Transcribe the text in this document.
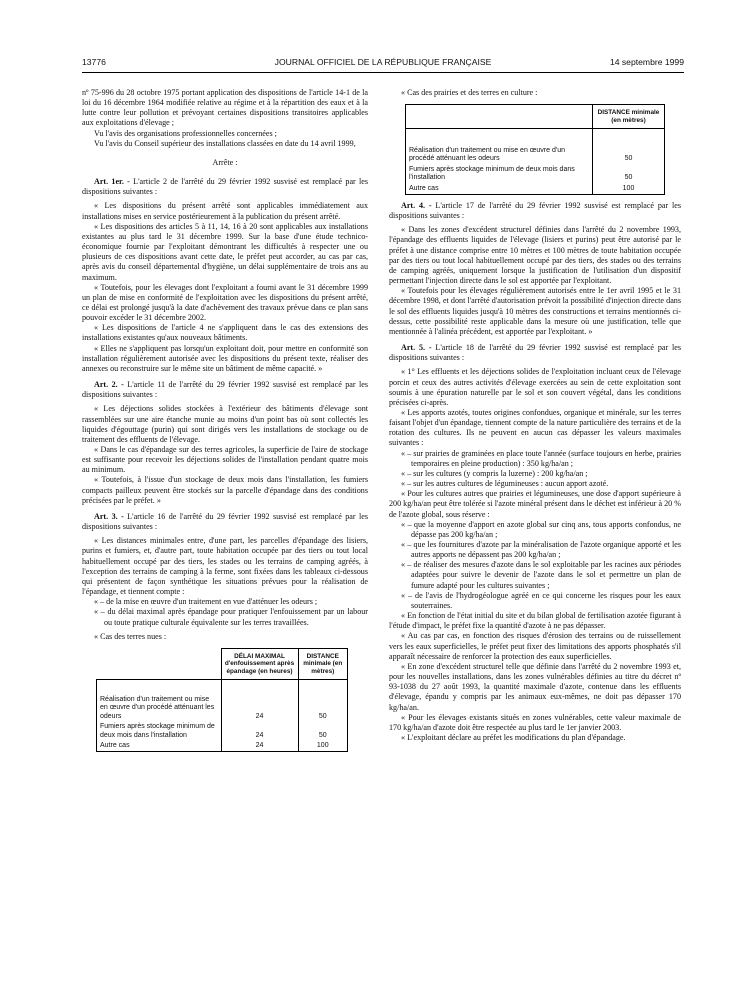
13776	JOURNAL OFFICIEL DE LA RÉPUBLIQUE FRANÇAISE	14 septembre 1999

nº 75-996 du 28 octobre 1975 portant application des dispositions de l'article 14-1 de la loi du 16 décembre 1964 modifiée relative au régime et à la répartition des eaux et à la lutte contre leur pollution et prévoyant certaines dispositions transitoires applicables aux exploitations d'élevage ;

Vu l'avis des organisations professionnelles concernées ;

Vu l'avis du Conseil supérieur des installations classées en date du 14 avril 1999,

Arrête :

Art. 1er. - L'article 2 de l'arrêté du 29 février 1992 susvisé est remplacé par les dispositions suivantes :

« Les dispositions du présent arrêté sont applicables immédiatement aux installations mises en service postérieurement à la publication du présent arrêté.

« Les dispositions des articles 5 à 11, 14, 16 à 20 sont applicables aux installations existantes au plus tard le 31 décembre 1999. Sur la base d'une étude technico-économique fournie par l'exploitant démontrant les difficultés à respecter une ou plusieurs de ces dispositions avant cette date, le préfet peut accorder, au cas par cas, après avis du conseil départemental d'hygiène, un délai supplémentaire de trois ans au maximum.

« Toutefois, pour les élevages dont l'exploitant a fourni avant le 31 décembre 1999 un plan de mise en conformité de l'exploitation avec les dispositions du présent arrêté, ce délai est prolongé jusqu'à la date d'achèvement des travaux prévue dans ce plan sans pouvoir excéder le 31 décembre 2002.

« Les dispositions de l'article 4 ne s'appliquent dans le cas des extensions des installations existantes qu'aux nouveaux bâtiments.

« Elles ne s'appliquent pas lorsqu'un exploitant doit, pour mettre en conformité son installation régulièrement autorisée avec les dispositions du présent texte, réaliser des annexes ou reconstruire sur le même site un bâtiment de même capacité. »

Art. 2. - L'article 11 de l'arrêté du 29 février 1992 susvisé est remplacé par les dispositions suivantes :

« Les déjections solides stockées à l'extérieur des bâtiments d'élevage sont rassemblées sur une aire étanche munie au moins d'un point bas où sont collectés les liquides d'égouttage (purin) qui sont dirigés vers les installations de stockage ou de traitement des effluents de l'élevage.

« Dans le cas d'épandage sur des terres agricoles, la superficie de l'aire de stockage est suffisante pour recevoir les déjections solides de l'installation pendant quatre mois au minimum.

« Toutefois, à l'issue d'un stockage de deux mois dans l'installation, les fumiers compacts pailleux peuvent être stockés sur la parcelle d'épandage dans des conditions précisées par le préfet. »

Art. 3. - L'article 16 de l'arrêté du 29 février 1992 susvisé est remplacé par les dispositions suivantes :

« Les distances minimales entre, d'une part, les parcelles d'épandage des lisiers, purins et fumiers, et, d'autre part, toute habitation occupée par des tiers ou tout local habituellement occupé par des tiers, les stades ou les terrains de camping agréés, à l'exception des terrains de camping à la ferme, sont fixées dans les tableaux ci-dessous qui présentent de façon synthétique les situations prévues pour la réalisation de l'épandage, et tiennent compte :

« – de la mise en œuvre d'un traitement en vue d'atténuer les odeurs ;
« – du délai maximal après épandage pour pratiquer l'enfouissement par un labour ou toute pratique culturale équivalente sur les terres travaillées.

« Cas des terres nues :

	DÉLAI MAXIMAL d'enfouissement après épandage (en heures)	DISTANCE minimale (en mètres)
Réalisation d'un traitement ou mise en œuvre d'un procédé atténuant les odeurs	24	50
Fumiers après stockage minimum de deux mois dans l'installation	24	50
Autre cas	24	100

« Cas des prairies et des terres en culture :

	DISTANCE minimale (en mètres)
Réalisation d'un traitement ou mise en œuvre d'un procédé atténuant les odeurs	50
Fumiers après stockage minimum de deux mois dans l'installation	50
Autre cas	100

Art. 4. - L'article 17 de l'arrêté du 29 février 1992 susvisé est remplacé par les dispositions suivantes :

« Dans les zones d'excédent structurel définies dans l'arrêté du 2 novembre 1993, l'épandage des effluents liquides de l'élevage (lisiers et purins) peut être autorisé par le préfet à une distance comprise entre 10 mètres et 100 mètres de toute habitation occupée par des tiers ou tout local habituellement occupé par des tiers, des stades ou des terrains de camping agréés, uniquement lorsque la justification de l'utilisation d'un dispositif permettant l'injection directe dans le sol est apportée par l'exploitant.

« Toutefois pour les élevages régulièrement autorisés entre le 1er avril 1995 et le 31 décembre 1998, et dont l'arrêté d'autorisation prévoit la possibilité d'injection directe dans le sol des effluents liquides jusqu'à 10 mètres des constructions et terrains mentionnés ci-dessus, cette possibilité reste applicable dans la mesure où une justification, telle que mentionnée à l'alinéa précédent, est apportée par l'exploitant. »

Art. 5. - L'article 18 de l'arrêté du 29 février 1992 susvisé est remplacé par les dispositions suivantes :

« 1° Les effluents et les déjections solides de l'exploitation incluant ceux de l'élevage porcin et ceux des autres activités d'élevage exercées au sein de cette exploitation sont soumis à une épuration naturelle par le sol et son couvert végétal, dans les conditions précisées ci-après.

« Les apports azotés, toutes origines confondues, organique et minérale, sur les terres faisant l'objet d'un épandage, tiennent compte de la nature particulière des terrains et de la rotation des cultures. Ils ne peuvent en aucun cas dépasser les valeurs maximales suivantes :

« – sur prairies de graminées en place toute l'année (surface toujours en herbe, prairies temporaires en pleine production) : 350 kg/ha/an ;
« – sur les cultures (y compris la luzerne) : 200 kg/ha/an ;
« – sur les autres cultures de légumineuses : aucun apport azoté.

« Pour les cultures autres que prairies et légumineuses, une dose d'apport supérieure à 200 kg/ha/an peut être tolérée si l'azote minéral présent dans le déchet est inférieur à 20 % de l'azote global, sous réserve :

« – que la moyenne d'apport en azote global sur cinq ans, tous apports confondus, ne dépasse pas 200 kg/ha/an ;
« – que les fournitures d'azote par la minéralisation de l'azote organique apporté et les autres apports ne dépassent pas 200 kg/ha/an ;
« – de réaliser des mesures d'azote dans le sol exploitable par les racines aux périodes adaptées pour suivre le devenir de l'azote dans le sol et permettre un plan de fumure adapté pour les cultures suivantes ;
« – de l'avis de l'hydrogéologue agréé en ce qui concerne les risques pour les eaux souterraines.

« En fonction de l'état initial du site et du bilan global de fertilisation azotée figurant à l'étude d'impact, le préfet fixe la quantité d'azote à ne pas dépasser.

« Au cas par cas, en fonction des risques d'érosion des terrains ou de ruissellement vers les eaux superficielles, le préfet peut fixer des limitations des apports phosphatés s'il apparaît nécessaire de renforcer la protection des eaux superficielles.

« En zone d'excédent structurel telle que définie dans l'arrêté du 2 novembre 1993 et, pour les nouvelles installations, dans les zones vulnérables définies au titre du décret nº 93-1038 du 27 août 1993, la quantité maximale d'azote, contenue dans les effluents d'élevage, épandu y compris par les animaux eux-mêmes, ne doit pas dépasser 170 kg/ha/an.

« Pour les élevages existants situés en zones vulnérables, cette valeur maximale de 170 kg/ha/an d'azote doit être respectée au plus tard le 1er janvier 2003.

« L'exploitant déclare au préfet les modifications du plan d'épandage.
